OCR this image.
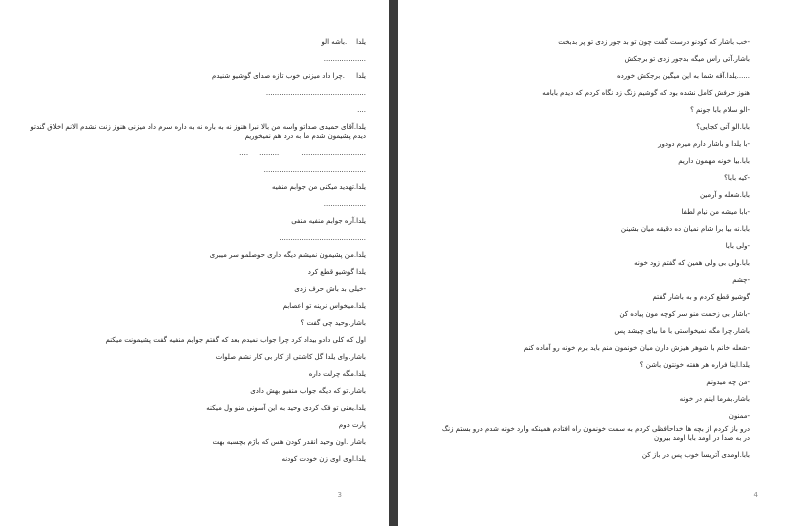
یلدا    .باشه الو

...................

یلدا     .چرا داد میزنی خوب تازه صدای گوشیو شنیدم

.............................................

....

یلدا.آقای حمیدی صداتو واسه من بالا نبرا هنوز نه به باره نه به داره سرم داد میزنی هنوز زنت نشدم الانم اخلاق گندتو دیدم پشیمون شدم ما به درد هم نمیخوریم

.............................          .........     ....

..............................................

یلدا.تهدید میکنی من جوابم منفیه

...................

یلدا.آره جوابم منفیه منفی

.......................................

یلدا.من پشیمون نمیشم دیگه داری حوصلمو سر میبری

یلدا گوشیو قطع کرد

-خیلی بد باش حرف زدی

یلدا.میخواس نرینه تو اعصابم

باشار.وحید چی گفت ؟

اول که کلی دادو بیداد کرد چرا جواب نمیدم بعد که گفتم جوابم منفیه گفت پشیمونت میکنم

باشار.وای یلدا گل کاشتی از کار بی کار نشم صلوات

یلدا.مگه چرلت داره

باشار.تو که دیگه جواب منفیو بهش دادی

یلدا.یعنی تو فک کردی وحید به این آسونی منو ول میکنه

پارت دوم

باشار .اون وحید انقدر کودن هس که باژم بچسبه بهت

یلدا.اوی اوی زن خودت کودنه

3

-خب باشار که کودنو درست گفت چون تو بد جور زدی تو پر بدبخت

باشار.آتی راس میگه بدجور زدی تو برجکش

......یلدا.آقه شما به این میگین برجکش خورده

هنوز حرفش کامل نشده بود که گوشیم زنگ زد نگاه کردم که دیدم بابامه

-الو سلام بابا جونم ؟

بابا.الو آتی کجایی؟

-با یلدا و باشار دارم میرم دودور

بابا.بیا خونه مهمون داریم

-کیه بابا؟

بابا.شعله و آرمین

-بابا میشه من نیام لطفا

بابا.نه بیا برا شام نمیان ده دقیقه میان بشینن

-ولی بابا

بابا.ولی بی ولی همین که گفتم زود خونه

-چشم

گوشیو قطع کردم و به باشار گفتم

-باشار بی زحمت منو سر کوچه مون پیاده کن

باشار.چرا مگه نمیخواستی با ما بیای چیشد پس

-شعله خانم با شوهر هیزش دارن میان خونمون منم باید برم خونه رو آماده کنم

یلدا.اینا فراره هر هفته خونتون باشن ؟

-من چه میدونم

باشار.بفرما اینم در خونه

-ممنون

درو باز کردم از بچه ها خداحافظی کردم به سمت خونمون راه افتادم همینکه وارد خونه شدم درو بستم زنگ در به صدا در اومد بابا اومد بیرون

بابا.اومدی آتریسا خوب پس در باز کن

4
